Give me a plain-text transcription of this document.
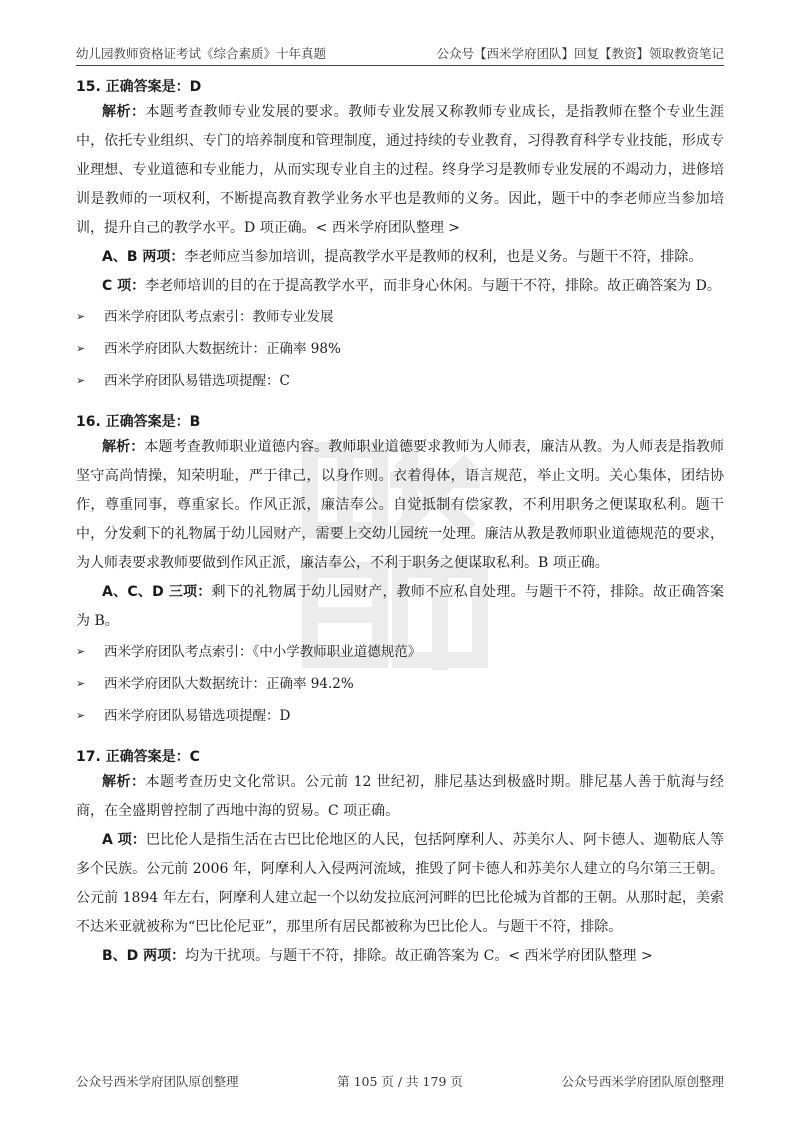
幼儿园教师资格证考试《综合素质》十年真题	公众号【西米学府团队】回复【教资】领取教资笔记

15. 正确答案是：D

解析：本题考查教师专业发展的要求。教师专业发展又称教师专业成长，是指教师在整个专业生涯中，依托专业组织、专门的培养制度和管理制度，通过持续的专业教育，习得教育科学专业技能，形成专业理想、专业道德和专业能力，从而实现专业自主的过程。终身学习是教师专业发展的不竭动力，进修培训是教师的一项权利，不断提高教育教学业务水平也是教师的义务。因此，题干中的李老师应当参加培训，提升自己的教学水平。D 项正确。< 西米学府团队整理 >

A、B 两项：李老师应当参加培训，提高教学水平是教师的权利，也是义务。与题干不符，排除。

C 项：李老师培训的目的在于提高教学水平，而非身心休闲。与题干不符，排除。故正确答案为 D。

➢ 西米学府团队考点索引：教师专业发展
➢ 西米学府团队大数据统计：正确率 98%
➢ 西米学府团队易错选项提醒：C

16. 正确答案是：B

解析：本题考查教师职业道德内容。教师职业道德要求教师为人师表，廉洁从教。为人师表是指教师坚守高尚情操，知荣明耻，严于律己，以身作则。衣着得体，语言规范，举止文明。关心集体，团结协作，尊重同事，尊重家长。作风正派，廉洁奉公。自觉抵制有偿家教，不利用职务之便谋取私利。题干中，分发剩下的礼物属于幼儿园财产，需要上交幼儿园统一处理。廉洁从教是教师职业道德规范的要求，为人师表要求教师要做到作风正派，廉洁奉公，不利于职务之便谋取私利。B 项正确。

A、C、D 三项：剩下的礼物属于幼儿园财产，教师不应私自处理。与题干不符，排除。故正确答案为 B。

➢ 西米学府团队考点索引：《中小学教师职业道德规范》
➢ 西米学府团队大数据统计：正确率 94.2%
➢ 西米学府团队易错选项提醒：D

17. 正确答案是：C

解析：本题考查历史文化常识。公元前 12 世纪初，腓尼基达到极盛时期。腓尼基人善于航海与经商，在全盛期曾控制了西地中海的贸易。C 项正确。

A 项：巴比伦人是指生活在古巴比伦地区的人民，包括阿摩利人、苏美尔人、阿卡德人、迦勒底人等多个民族。公元前 2006 年，阿摩利人入侵两河流域，推毁了阿卡德人和苏美尔人建立的乌尔第三王朝。公元前 1894 年左右，阿摩利人建立起一个以幼发拉底河河畔的巴比伦城为首都的王朝。从那时起，美索不达米亚就被称为“巴比伦尼亚”，那里所有居民都被称为巴比伦人。与题干不符，排除。

B、D 两项：均为干扰项。与题干不符，排除。故正确答案为 C。< 西米学府团队整理 >

公众号西米学府团队原创整理	第 105 页 / 共 179 页	公众号西米学府团队原创整理
